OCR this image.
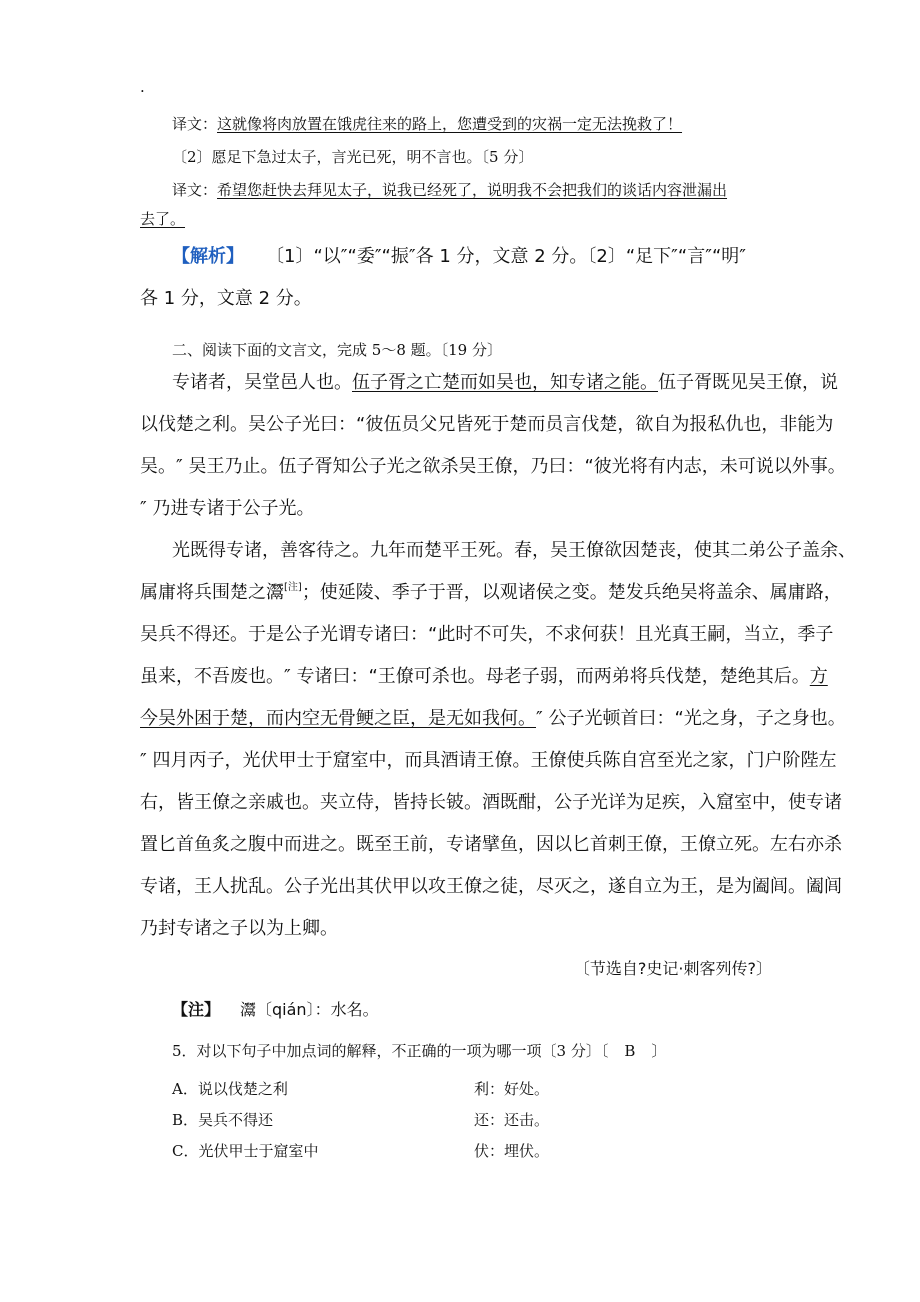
·
译文：这就像将肉放置在饿虎往来的路上，您遭受到的灾祸一定无法挽救了！
〔2〕愿足下急过太子，言光已死，明不言也。〔5 分〕
译文：希望您赶快去拜见太子，说我已经死了，说明我不会把我们的谈话内容泄漏出
去了。
【解析】 〔1〕“以″“委″“振″各 1 分，文意 2 分。〔2〕“足下″“言″“明″
各 1 分，文意 2 分。
二、阅读下面的文言文，完成 5〜8 题。〔19 分〕
专诸者，吴堂邑人也。伍子胥之亡楚而如吴也，知专诸之能。伍子胥既见吴王僚，说
以伐楚之利。吴公子光曰：“彼伍员父兄皆死于楚而员言伐楚，欲自为报私仇也，非能为
吴。″ 吴王乃止。伍子胥知公子光之欲杀吴王僚，乃曰：“彼光将有内志，未可说以外事。
″ 乃进专诸于公子光。
光既得专诸，善客待之。九年而楚平王死。春，吴王僚欲因楚丧，使其二弟公子盖余、
属庸将兵围楚之灊[注]；使延陵、季子于晋，以观诸侯之变。楚发兵绝吴将盖余、属庸路，
吴兵不得还。于是公子光谓专诸曰：“此时不可失，不求何获！且光真王嗣，当立，季子
虽来，不吾废也。″ 专诸曰：“王僚可杀也。母老子弱，而两弟将兵伐楚，楚绝其后。方
今吴外困于楚，而内空无骨鲠之臣，是无如我何。″ 公子光顿首曰：“光之身，子之身也。
″ 四月丙子，光伏甲士于窟室中，而具酒请王僚。王僚使兵陈自宫至光之家，门户阶陛左
右，皆王僚之亲戚也。夹立侍，皆持长铍。酒既酣，公子光详为足疾，入窟室中，使专诸
置匕首鱼炙之腹中而进之。既至王前，专诸擘鱼，因以匕首刺王僚，王僚立死。左右亦杀
专诸，王人扰乱。公子光出其伏甲以攻王僚之徒，尽灭之，遂自立为王，是为阖闾。阖闾
乃封专诸之子以为上卿。
〔节选自?史记·刺客列传?〕
【注】 灊〔qián〕：水名。
5．对以下句子中加点词的解释，不正确的一项为哪一项〔3 分〕〔 B 〕
A．说以伐楚之利	利：好处。
B．吴兵不得还	还：还击。
C．光伏甲士于窟室中	伏：埋伏。
